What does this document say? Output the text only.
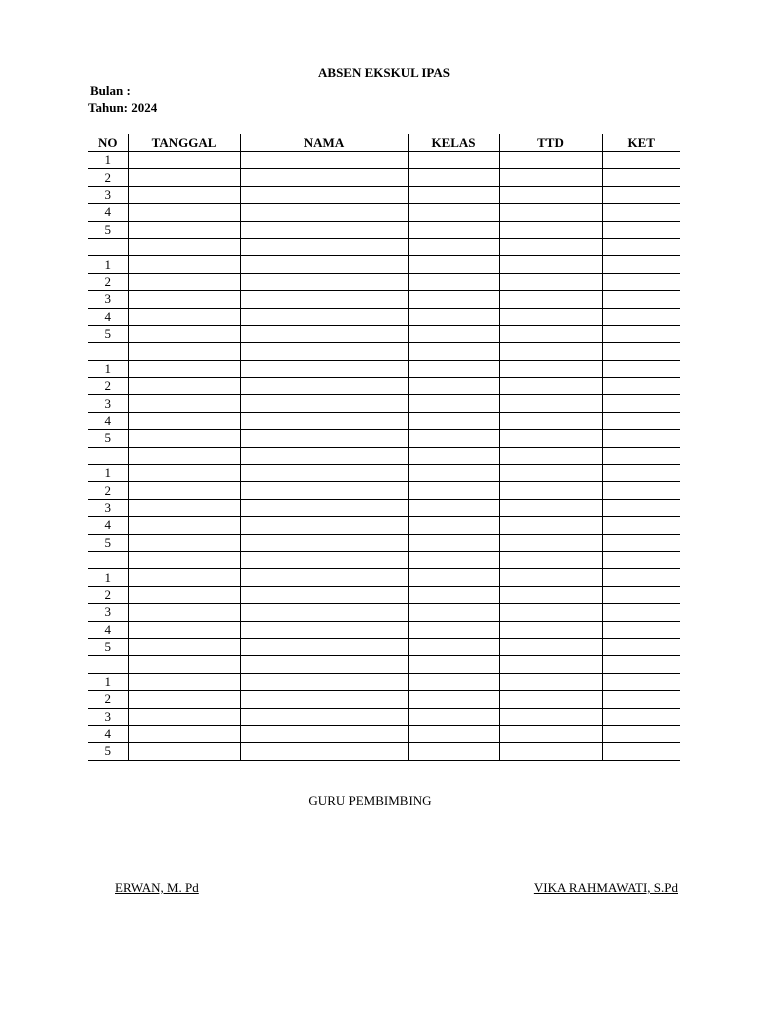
ABSEN EKSKUL IPAS
Bulan :
Tahun: 2024
NO	TANGGAL	NAMA	KELAS	TTD	KET
1					
2					
3					
4					
5					

1					
2					
3					
4					
5					

1					
2					
3					
4					
5					

1					
2					
3					
4					
5					

1					
2					
3					
4					
5					

1					
2					
3					
4					
5					
GURU PEMBIMBING
ERWAN, M. Pd	VIKA RAHMAWATI, S.Pd
